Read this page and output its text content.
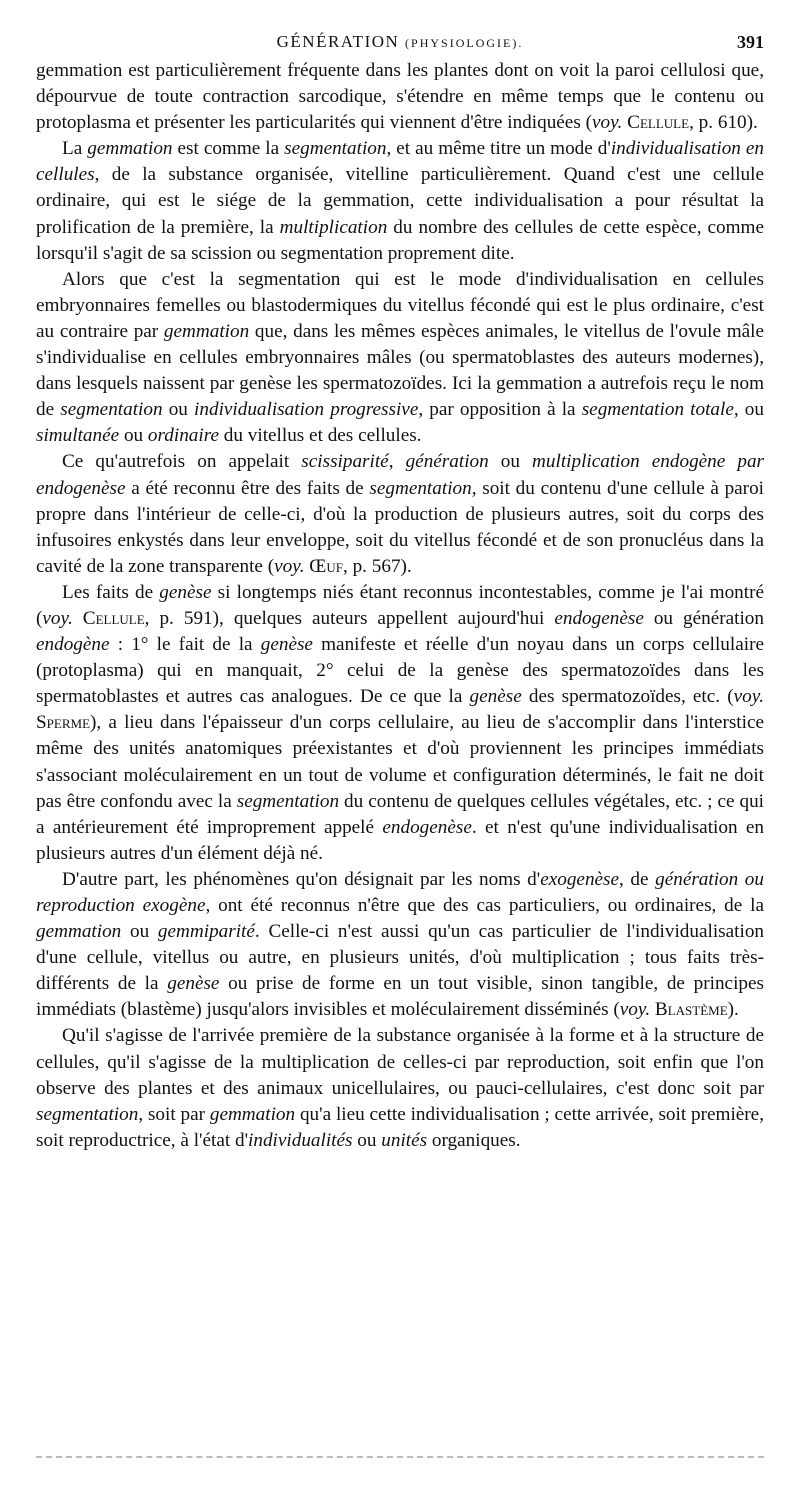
GÉNÉRATION (PHYSIOLOGIE).	391

gemmation est particulièrement fréquente dans les plantes dont on voit la paroi cellulosi que, dépourvue de toute contraction sarcodique, s'étendre en même temps que le contenu ou protoplasma et présenter les particularités qui viennent d'être indiquées (voy. Cellule, p. 610).

La gemmation est comme la segmentation, et au même titre un mode d'individualisation en cellules, de la substance organisée, vitelline particulièrement. Quand c'est une cellule ordinaire, qui est le siége de la gemmation, cette individualisation a pour résultat la prolification de la première, la multiplication du nombre des cellules de cette espèce, comme lorsqu'il s'agit de sa scission ou segmentation proprement dite.

Alors que c'est la segmentation qui est le mode d'individualisation en cellules embryonnaires femelles ou blastodermiques du vitellus fécondé qui est le plus ordinaire, c'est au contraire par gemmation que, dans les mêmes espèces animales, le vitellus de l'ovule mâle s'individualise en cellules embryonnaires mâles (ou spermatoblastes des auteurs modernes), dans lesquels naissent par genèse les spermatozoïdes. Ici la gemmation a autrefois reçu le nom de segmentation ou individualisation progressive, par opposition à la segmentation totale, ou simultanée ou ordinaire du vitellus et des cellules.

Ce qu'autrefois on appelait scissiparité, génération ou multiplication endogène par endogenèse a été reconnu être des faits de segmentation, soit du contenu d'une cellule à paroi propre dans l'intérieur de celle-ci, d'où la production de plusieurs autres, soit du corps des infusoires enkystés dans leur enveloppe, soit du vitellus fécondé et de son pronucléus dans la cavité de la zone transparente (voy. Œuf, p. 567).

Les faits de genèse si longtemps niés étant reconnus incontestables, comme je l'ai montré (voy. Cellule, p. 591), quelques auteurs appellent aujourd'hui endogenèse ou génération endogène : 1° le fait de la genèse manifeste et réelle d'un noyau dans un corps cellulaire (protoplasma) qui en manquait, 2° celui de la genèse des spermatozoïdes dans les spermatoblastes et autres cas analogues. De ce que la genèse des spermatozoïdes, etc. (voy. Sperme), a lieu dans l'épaisseur d'un corps cellulaire, au lieu de s'accomplir dans l'interstice même des unités anatomiques préexistantes et d'où proviennent les principes immédiats s'associant moléculairement en un tout de volume et configuration déterminés, le fait ne doit pas être confondu avec la segmentation du contenu de quelques cellules végétales, etc. ; ce qui a antérieurement été improprement appelé endogenèse. et n'est qu'une individualisation en plusieurs autres d'un élément déjà né.

D'autre part, les phénomènes qu'on désignait par les noms d'exogenèse, de génération ou reproduction exogène, ont été reconnus n'être que des cas particuliers, ou ordinaires, de la gemmation ou gemmiparité. Celle-ci n'est aussi qu'un cas particulier de l'individualisation d'une cellule, vitellus ou autre, en plusieurs unités, d'où multiplication ; tous faits très-différents de la genèse ou prise de forme en un tout visible, sinon tangible, de principes immédiats (blastème) jusqu'alors invisibles et moléculairement disséminés (voy. Blastème).

Qu'il s'agisse de l'arrivée première de la substance organisée à la forme et à la structure de cellules, qu'il s'agisse de la multiplication de celles-ci par reproduction, soit enfin que l'on observe des plantes et des animaux unicellulaires, ou pauci-cellulaires, c'est donc soit par segmentation, soit par gemmation qu'a lieu cette individualisation ; cette arrivée, soit première, soit reproductrice, à l'état d'individualités ou unités organiques.
